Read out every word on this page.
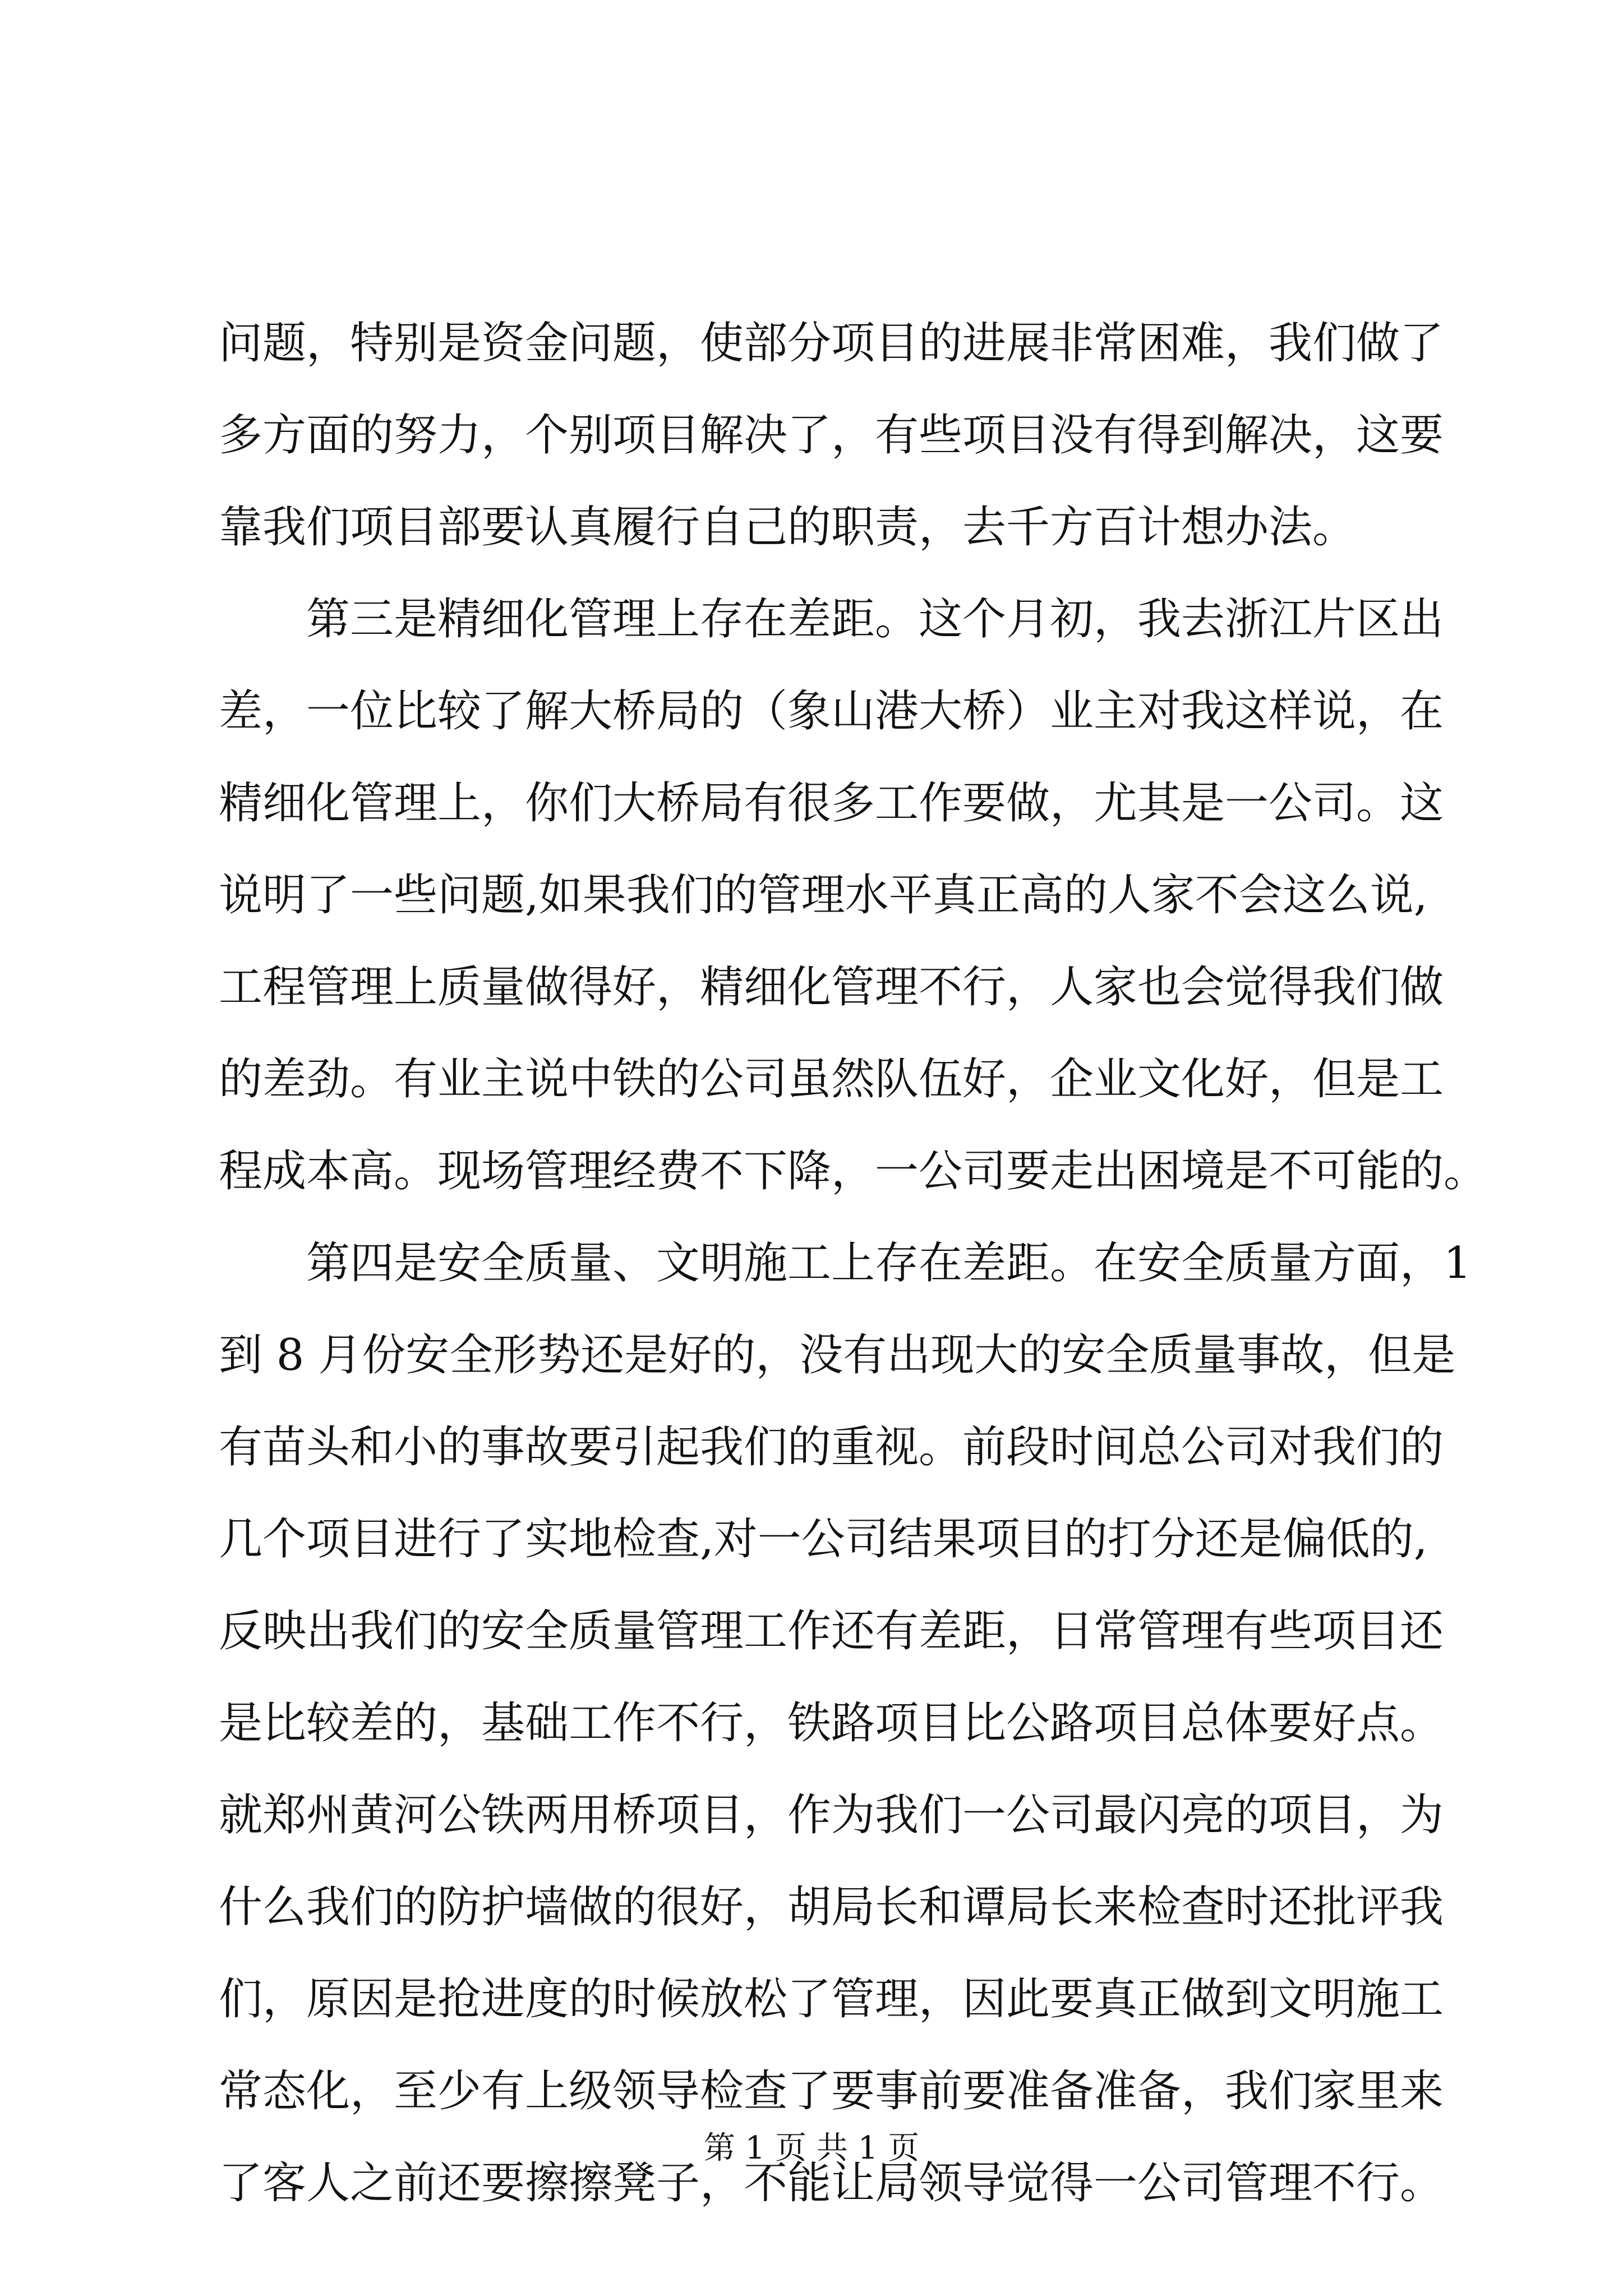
问题，特别是资金问题，使部分项目的进展非常困难，我们做了
多方面的努力，个别项目解决了，有些项目没有得到解决，这要
靠我们项目部要认真履行自己的职责，去千方百计想办法。
第三是精细化管理上存在差距。这个月初，我去浙江片区出
差，一位比较了解大桥局的（象山港大桥）业主对我这样说，在
精细化管理上，你们大桥局有很多工作要做，尤其是一公司。这
说明了一些问题,如果我们的管理水平真正高的人家不会这么说,
工程管理上质量做得好，精细化管理不行，人家也会觉得我们做
的差劲。有业主说中铁的公司虽然队伍好，企业文化好，但是工
程成本高。现场管理经费不下降，一公司要走出困境是不可能的。
第四是安全质量、文明施工上存在差距。在安全质量方面，1
到 8 月份安全形势还是好的，没有出现大的安全质量事故，但是
有苗头和小的事故要引起我们的重视。前段时间总公司对我们的
几个项目进行了实地检查,对一公司结果项目的打分还是偏低的,
反映出我们的安全质量管理工作还有差距，日常管理有些项目还
是比较差的，基础工作不行，铁路项目比公路项目总体要好点。
就郑州黄河公铁两用桥项目，作为我们一公司最闪亮的项目，为
什么我们的防护墙做的很好，胡局长和谭局长来检查时还批评我
们，原因是抢进度的时候放松了管理，因此要真正做到文明施工
常态化，至少有上级领导检查了要事前要准备准备，我们家里来
了客人之前还要擦擦凳子，不能让局领导觉得一公司管理不行。
第 1 页 共 1 页
